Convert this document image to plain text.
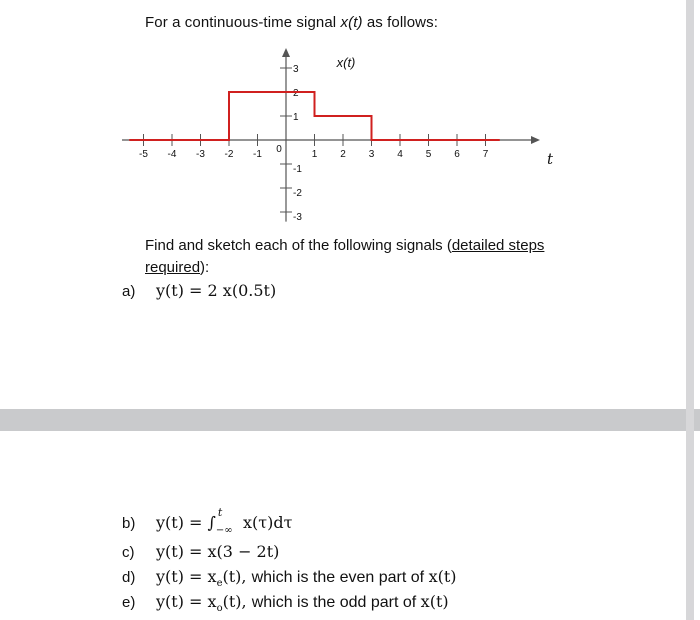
For a continuous-time signal x(t) as follows:
-5 -4 -3 -2 -1 0	1 2 3 4 5 6 7
3
2
1
-1
-2
-3
x(t)
t
Find and sketch each of the following signals (detailed steps required):
a) y(t) = 2 x(0.5t)
b) y(t) = ∫
t
−∞ x(τ)dτ
c) y(t) = x(3 − 2t)
d) $y(t) = x_e(t)$, which is the even part of x(t)
e) $y(t) = x_o(t)$, which is the odd part of x(t)
